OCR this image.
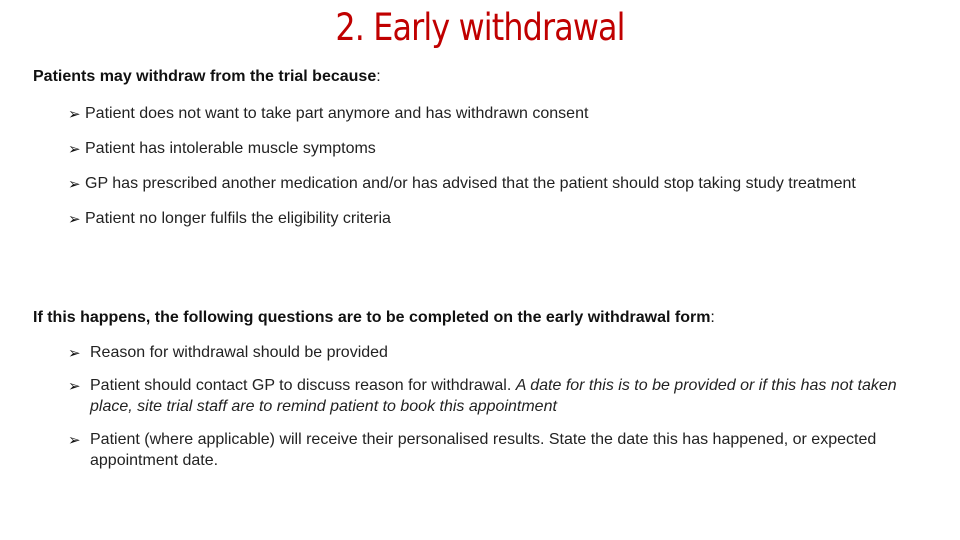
2. Early withdrawal

Patients may withdraw from the trial because:

➢ Patient does not want to take part anymore and has withdrawn consent
➢ Patient has intolerable muscle symptoms
➢ GP has prescribed another medication and/or has advised that the patient should stop taking study treatment
➢ Patient no longer fulfils the eligibility criteria

If this happens, the following questions are to be completed on the early withdrawal form:

➢ Reason for withdrawal should be provided
➢ Patient should contact GP to discuss reason for withdrawal. A date for this is to be provided or if this has not taken place, site trial staff are to remind patient to book this appointment
➢ Patient (where applicable) will receive their personalised results. State the date this has happened, or expected appointment date.
